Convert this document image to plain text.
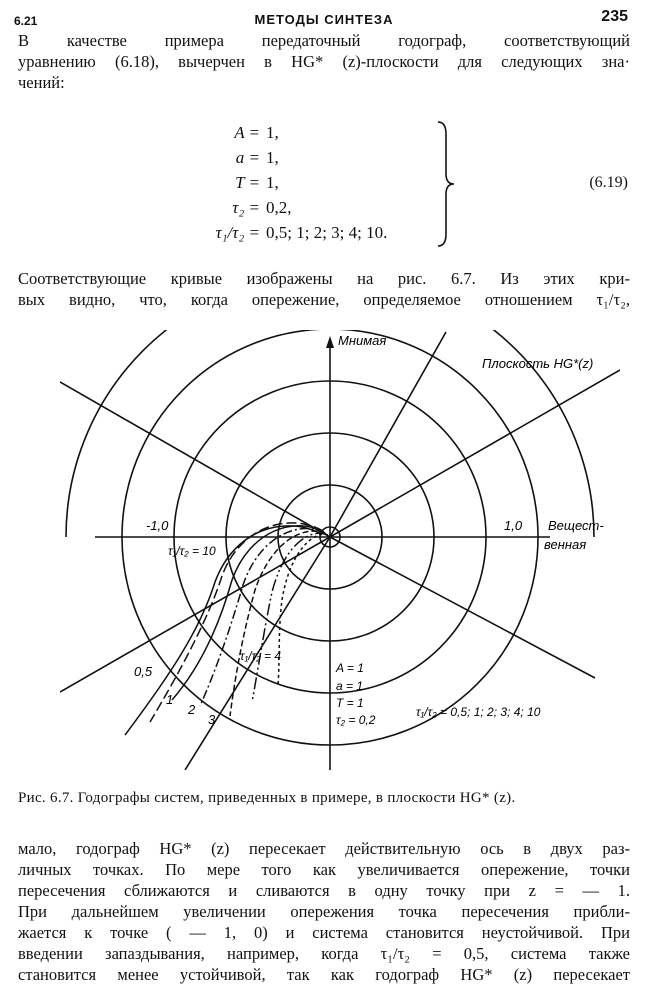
6.21	МЕТОДЫ СИНТЕЗА	235
В качестве примера передаточный годограф, соответствующий
уравнению (6.18), вычерчен в HG* (z)-плоскости для следующих зна·
чений:
A = 1,
a = 1,
T = 1,
τ₂ = 0,2,
τ₁/τ₂ = 0,5; 1; 2; 3; 4; 10.
(6.19)
Соответствующие кривые изображены на рис. 6.7. Из этих кри-
вых видно, что, когда опережение, определяемое отношением τ₁/τ₂,
Мнимая
Плоскость HG*(z)
-1,0	1,0 Вещест-
венная
τ₁/τ₂ = 10
τ₁/τ₂ = 4
0,5
1
2
3
A = 1
a = 1
T = 1
τ₂ = 0,2
τ₁/τ₂ = 0,5; 1; 2; 3; 4; 10
Рис. 6.7. Годографы систем, приведенных в примере, в плоскости HG* (z).
мало, годограф HG* (z) пересекает действительную ось в двух раз-
личных точках. По мере того как увеличивается опережение, точки
пересечения сближаются и сливаются в одну точку при z = — 1.
При дальнейшем увеличении опережения точка пересечения прибли-
жается к точке ( — 1, 0) и система становится неустойчивой. При
введении запаздывания, например, когда τ₁/τ₂ = 0,5, система также
становится менее устойчивой, так как годограф HG* (z) пересекает
